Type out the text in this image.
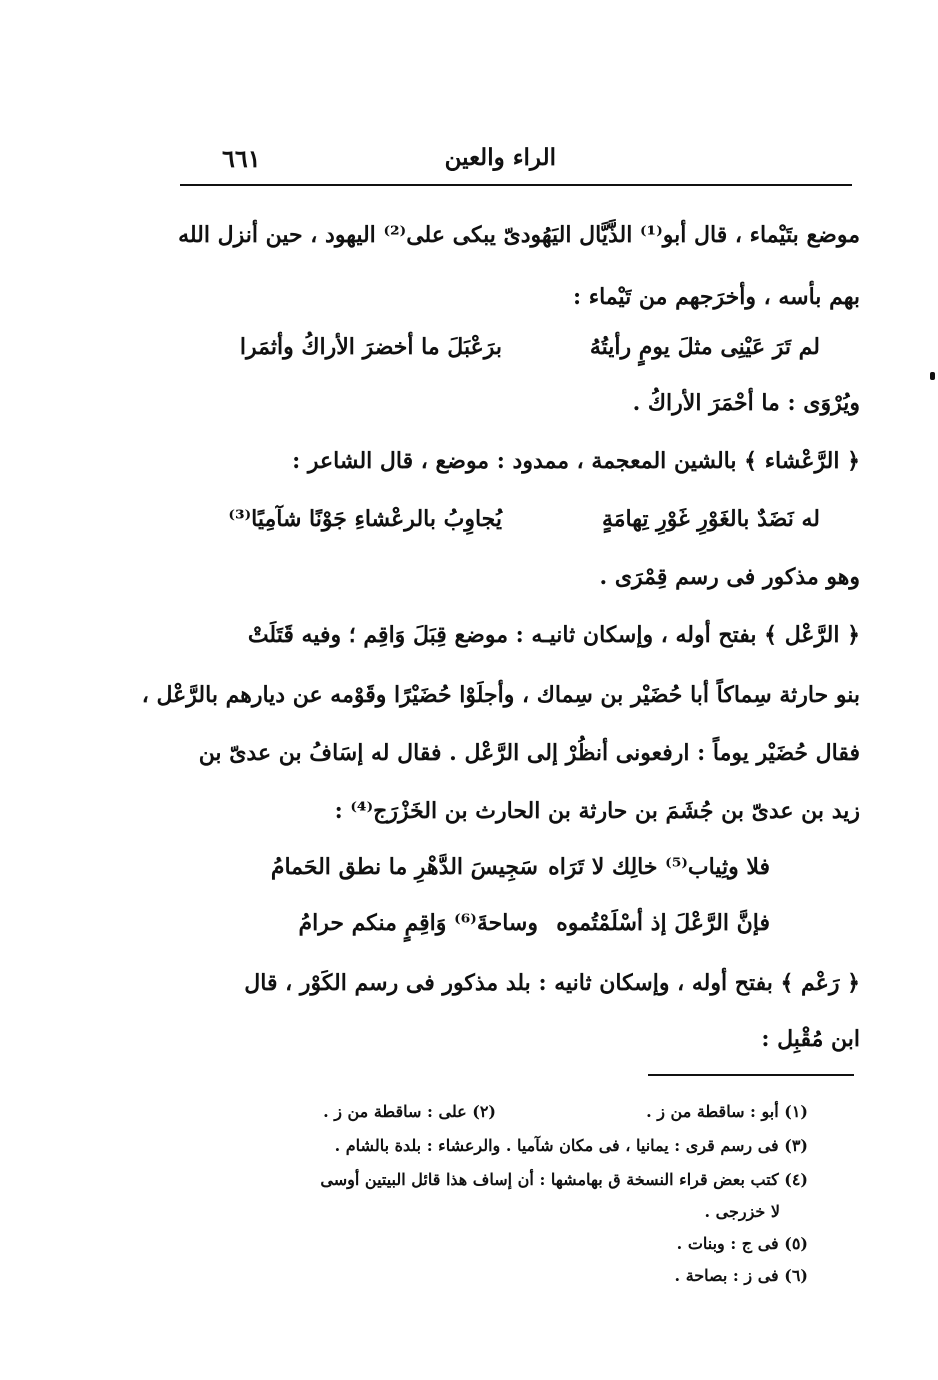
الراء والعين
٦٦١
موضع بتَيْماء ، قال أبو⁽¹⁾ الذَّيَّال اليَهُودىّ يبكى على⁽²⁾ اليهود ، حين أنزل الله
بهم بأسه ، وأخرَجهم من تَيْماء :
ويُرْوَى : ما أحْمَرَ الأراكُ .
﴿ الرَّعْشاء ﴾ بالشين المعجمة ، ممدود : موضع ، قال الشاعر :
وهو مذكور فى رسم قِمْرَى .
﴿ الرَّعْل ﴾ بفتح أوله ، وإسكان ثانيـه : موضع قِبَلَ وَاقِم ؛ وفيه قَتَلَتْ
بنو حارثة سِماكاً أبا حُضَيْر بن سِماك ، وأجلَوْا حُضَيْرًا وقَوْمه عن ديارهم بالرَّعْل ،
فقال حُضَيْر يوماً : ارفعونى أنظُرْ إلى الرَّعْل . فقال له إسَافُ بن عدىّ بن
زيد بن عدىّ بن جُشَمَ بن حارثة بن الحارث بن الخَزْرَج⁽⁴⁾ :
﴿ رَعْم ﴾ بفتح أوله ، وإسكان ثانيه : بلد مذكور فى رسم الكَوْر ، قال
ابن مُقْبِل :
لم تَرَ عَيْنِى مثلَ يومٍ رأيتُهُ
برَعْبَلَ ما أخضرَ الأراكُ وأثمَرا
له نَضَدٌ بالغَوْرِ غَوْرِ تِهامَةٍ
يُجاوِبُ بالرعْشاءِ جَوْنًا شآمِيًا⁽³⁾
فلا وثِياب⁽⁵⁾ خالِك لا تَرَاه
سَجِيسَ الدَّهْرِ ما نطق الحَمامُ
فإنَّ الرَّعْلَ إذ أسْلَمْتُموه
وساحةَ⁽⁶⁾ وَاقِمٍ منكم حرامُ
(١) أبو : ساقطة من ز .
(٢) على : ساقطة من ز .
(٣) فى رسم قرى : يمانيا ، فى مكان شآميا . والرعشاء : بلدة بالشام .
(٤) كتب بعض قراء النسخة ق بهامشها : أن إساف هذا قائل البيتين أوسى
لا خزرجى .
(٥) فى ج : وبنات .
(٦) فى ز : بصاحة .
